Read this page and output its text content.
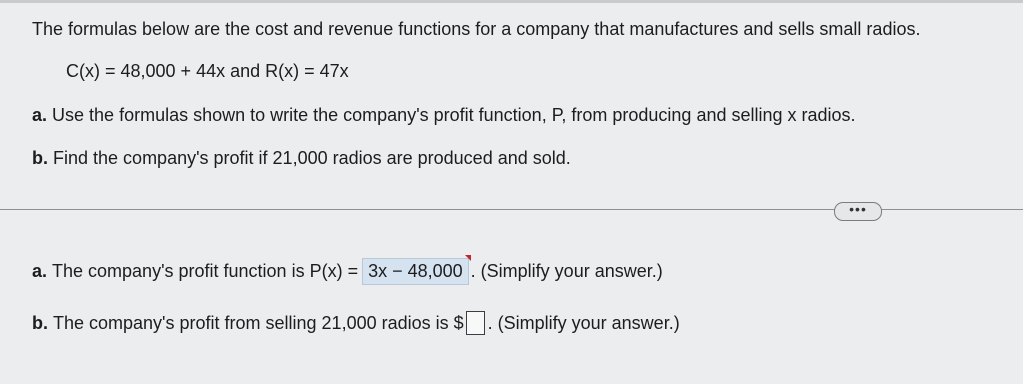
The formulas below are the cost and revenue functions for a company that manufactures and sells small radios.
C(x) = 48,000 + 44x and R(x) = 47x
a. Use the formulas shown to write the company's profit function, P, from producing and selling x radios.
b. Find the company's profit if 21,000 radios are produced and sold.
•••
a. The company's profit function is P(x) = 3x − 48,000 . (Simplify your answer.)
b. The company's profit from selling 21,000 radios is $ . (Simplify your answer.)
